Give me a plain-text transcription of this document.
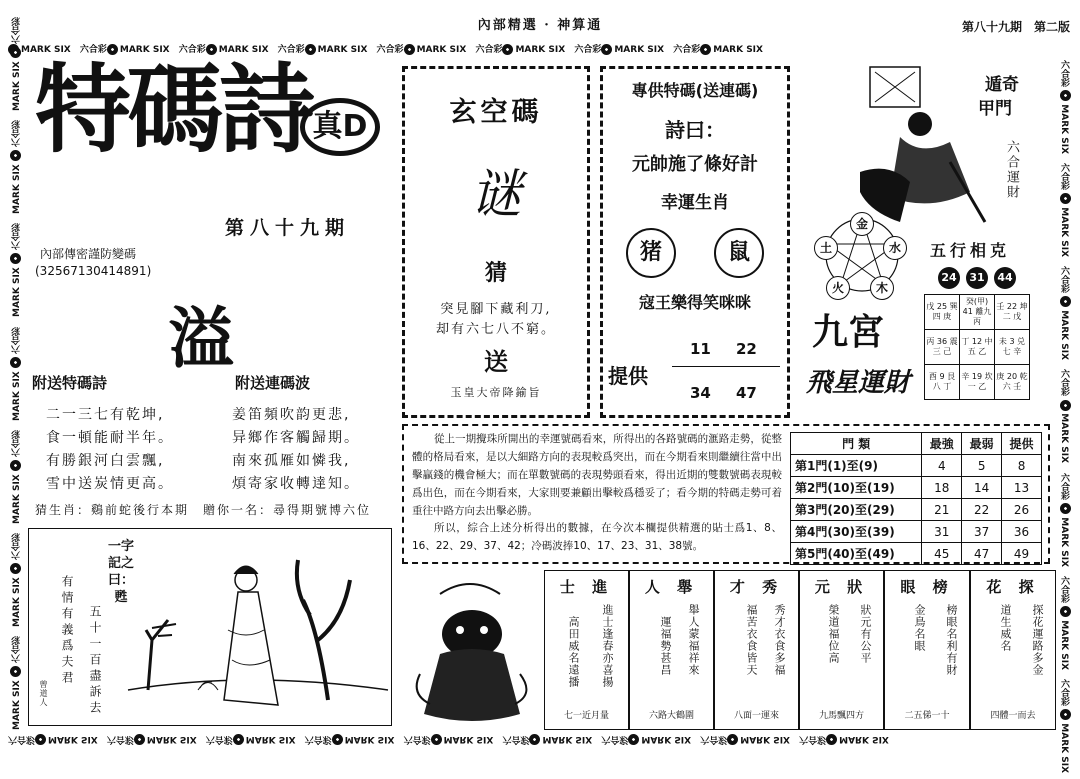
內部精選 · 神算通	第八十九期　第二版
MARK SIX 六合彩 MARK SIX 六合彩 MARK SIX 六合彩 MARK SIX 六合彩 MARK SIX 六合彩 MARK SIX 六合彩 MARK SIX 六合彩 MARK SIX
六合彩 MARK SIX 六合彩 MARK SIX 六合彩 MARK SIX 六合彩 MARK SIX 六合彩 MARK SIX 六合彩 MARK SIX 六合彩 MARK SIX 六合彩 MARK SIX 六合彩 MARK SIX
MARK SIX  六合彩 MARK SIX  六合彩 MARK SIX  六合彩 MARK SIX  六合彩 MARK SIX  六合彩 MARK SIX  六合彩 MARK SIX  六合彩
六合彩  MARK SIX 六合彩  MARK SIX 六合彩  MARK SIX 六合彩  MARK SIX 六合彩  MARK SIX 六合彩  MARK SIX 六合彩  MARK SIX
特碼詩 真D
第八十九期
內部傳密謹防變碼
(32567130414891)
溢
附送特碼詩
二一三七有乾坤,
食一頓能耐半年。
有勝銀河白雲飄,
雪中送炭情更高。
附送連碼波
姜笛頻吹韵更悲,
异鄉作客觸歸期。
南來孤雁如憐我,
煩寄家收轉達知。
猜生肖：鷄前蛇後行本期　贈你一名：尋得期號博六位
一字
記之
曰：
甦
五十一百盡訴去
有情有義爲夫君
曾道人
玄空碼
谜
猜
突見腳下藏利刀,
却有六七八不窮。
送
玉皇大帝降鍮旨
專供特碼(送連碼)
詩曰：
元帥施了條好計
幸運生肖
猪	鼠
寇王樂得笑咪咪
提供
11 22
34 47
遁奇
甲門
六合運財
金
水
木
火
土	五行相克
24 31 44
九宮
飛星運財
戊 25 巽四 庚	癸(甲) 41 離九 丙	壬 22 坤二 戊
丙 36 震三 己	丁 12 中五 乙	未 3 兑七 辛
酉 9 艮八 丁	辛 19 坎一 乙	庚 20 乾六 壬
從上一期攪珠所開出的幸運號碼看來，所得出的各路號碼的滙路走勢，從整體的格局看來，是以大細路方向的表現較爲突出，而在今期看來則繼續往當中出擊贏錢的機會極大；而在單數號碼的表現勢頭看來，得出近期的雙數號碼表現較爲出色，而在今期看來，大家則要兼顧出擊較爲穩妥了；看今期的特碼走勢可着重往中路方向去出擊必勝。
所以，綜合上述分析得出的數據，在今次本欄提供精選的貼士爲1、8、16、22、29、37、42；冷碼波捧10、17、23、31、38號。
門 類	最強	最弱	提供
第1門(1)至(9)	4	5	8
第2門(10)至(19)	18	14	13
第3門(20)至(29)	21	22	26
第4門(30)至(39)	31	37	36
第5門(40)至(49)	45	47	49
士 進	人 舉	才 秀	元 狀	眼 榜	花 探
進士逢春亦喜揚
高田威名遠播	舉人蒙福祥來
運福勢甚昌	秀才衣食多福
福苦衣食皆天	狀元有公平
榮道福位高	榜眼名利有財
金鳥名眼	探花運路多金
道生威名
七一近月量	六路大鶴圍	八面一運來	九馬飄四方	二五俤一十	四體一而去
